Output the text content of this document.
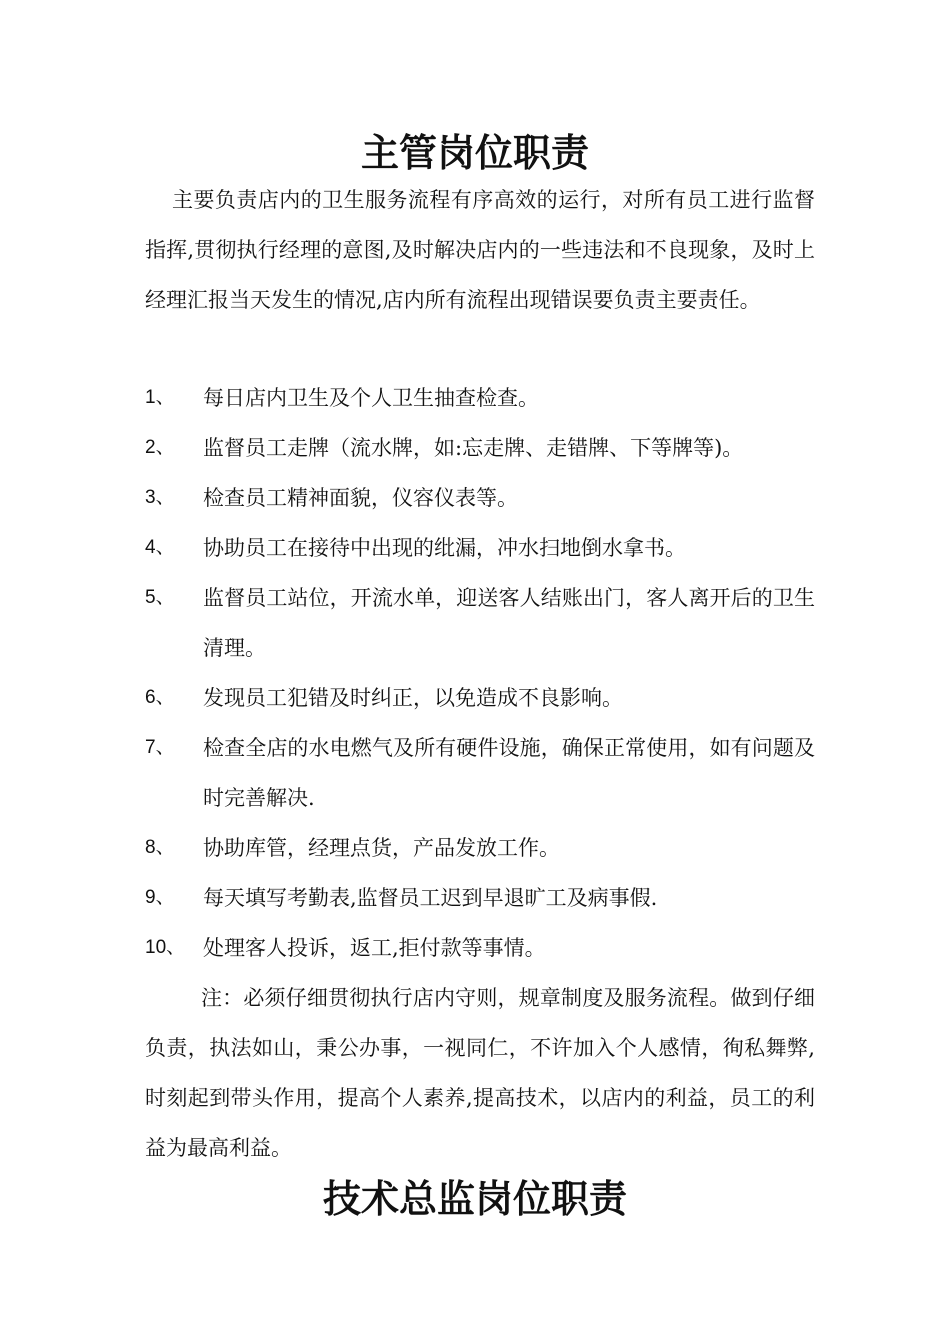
主管岗位职责

主要负责店内的卫生服务流程有序高效的运行，对所有员工进行监督指挥,贯彻执行经理的意图,及时解决店内的一些违法和不良现象，及时上经理汇报当天发生的情况,店内所有流程出现错误要负责主要责任。

1、	每日店内卫生及个人卫生抽查检查。
2、	监督员工走牌（流水牌，如:忘走牌、走错牌、下等牌等)。
3、	检查员工精神面貌，仪容仪表等。
4、	协助员工在接待中出现的纰漏，冲水扫地倒水拿书。
5、	监督员工站位，开流水单，迎送客人结账出门，客人离开后的卫生清理。
6、	发现员工犯错及时纠正，以免造成不良影响。
7、	检查全店的水电燃气及所有硬件设施，确保正常使用，如有问题及时完善解决.
8、	协助库管，经理点货，产品发放工作。
9、	每天填写考勤表,监督员工迟到早退旷工及病事假.
10、 处理客人投诉，返工,拒付款等事情。

注：必须仔细贯彻执行店内守则，规章制度及服务流程。做到仔细负责，执法如山，秉公办事，一视同仁，不许加入个人感情，徇私舞弊,时刻起到带头作用，提高个人素养,提高技术，以店内的利益，员工的利益为最高利益。

技术总监岗位职责
